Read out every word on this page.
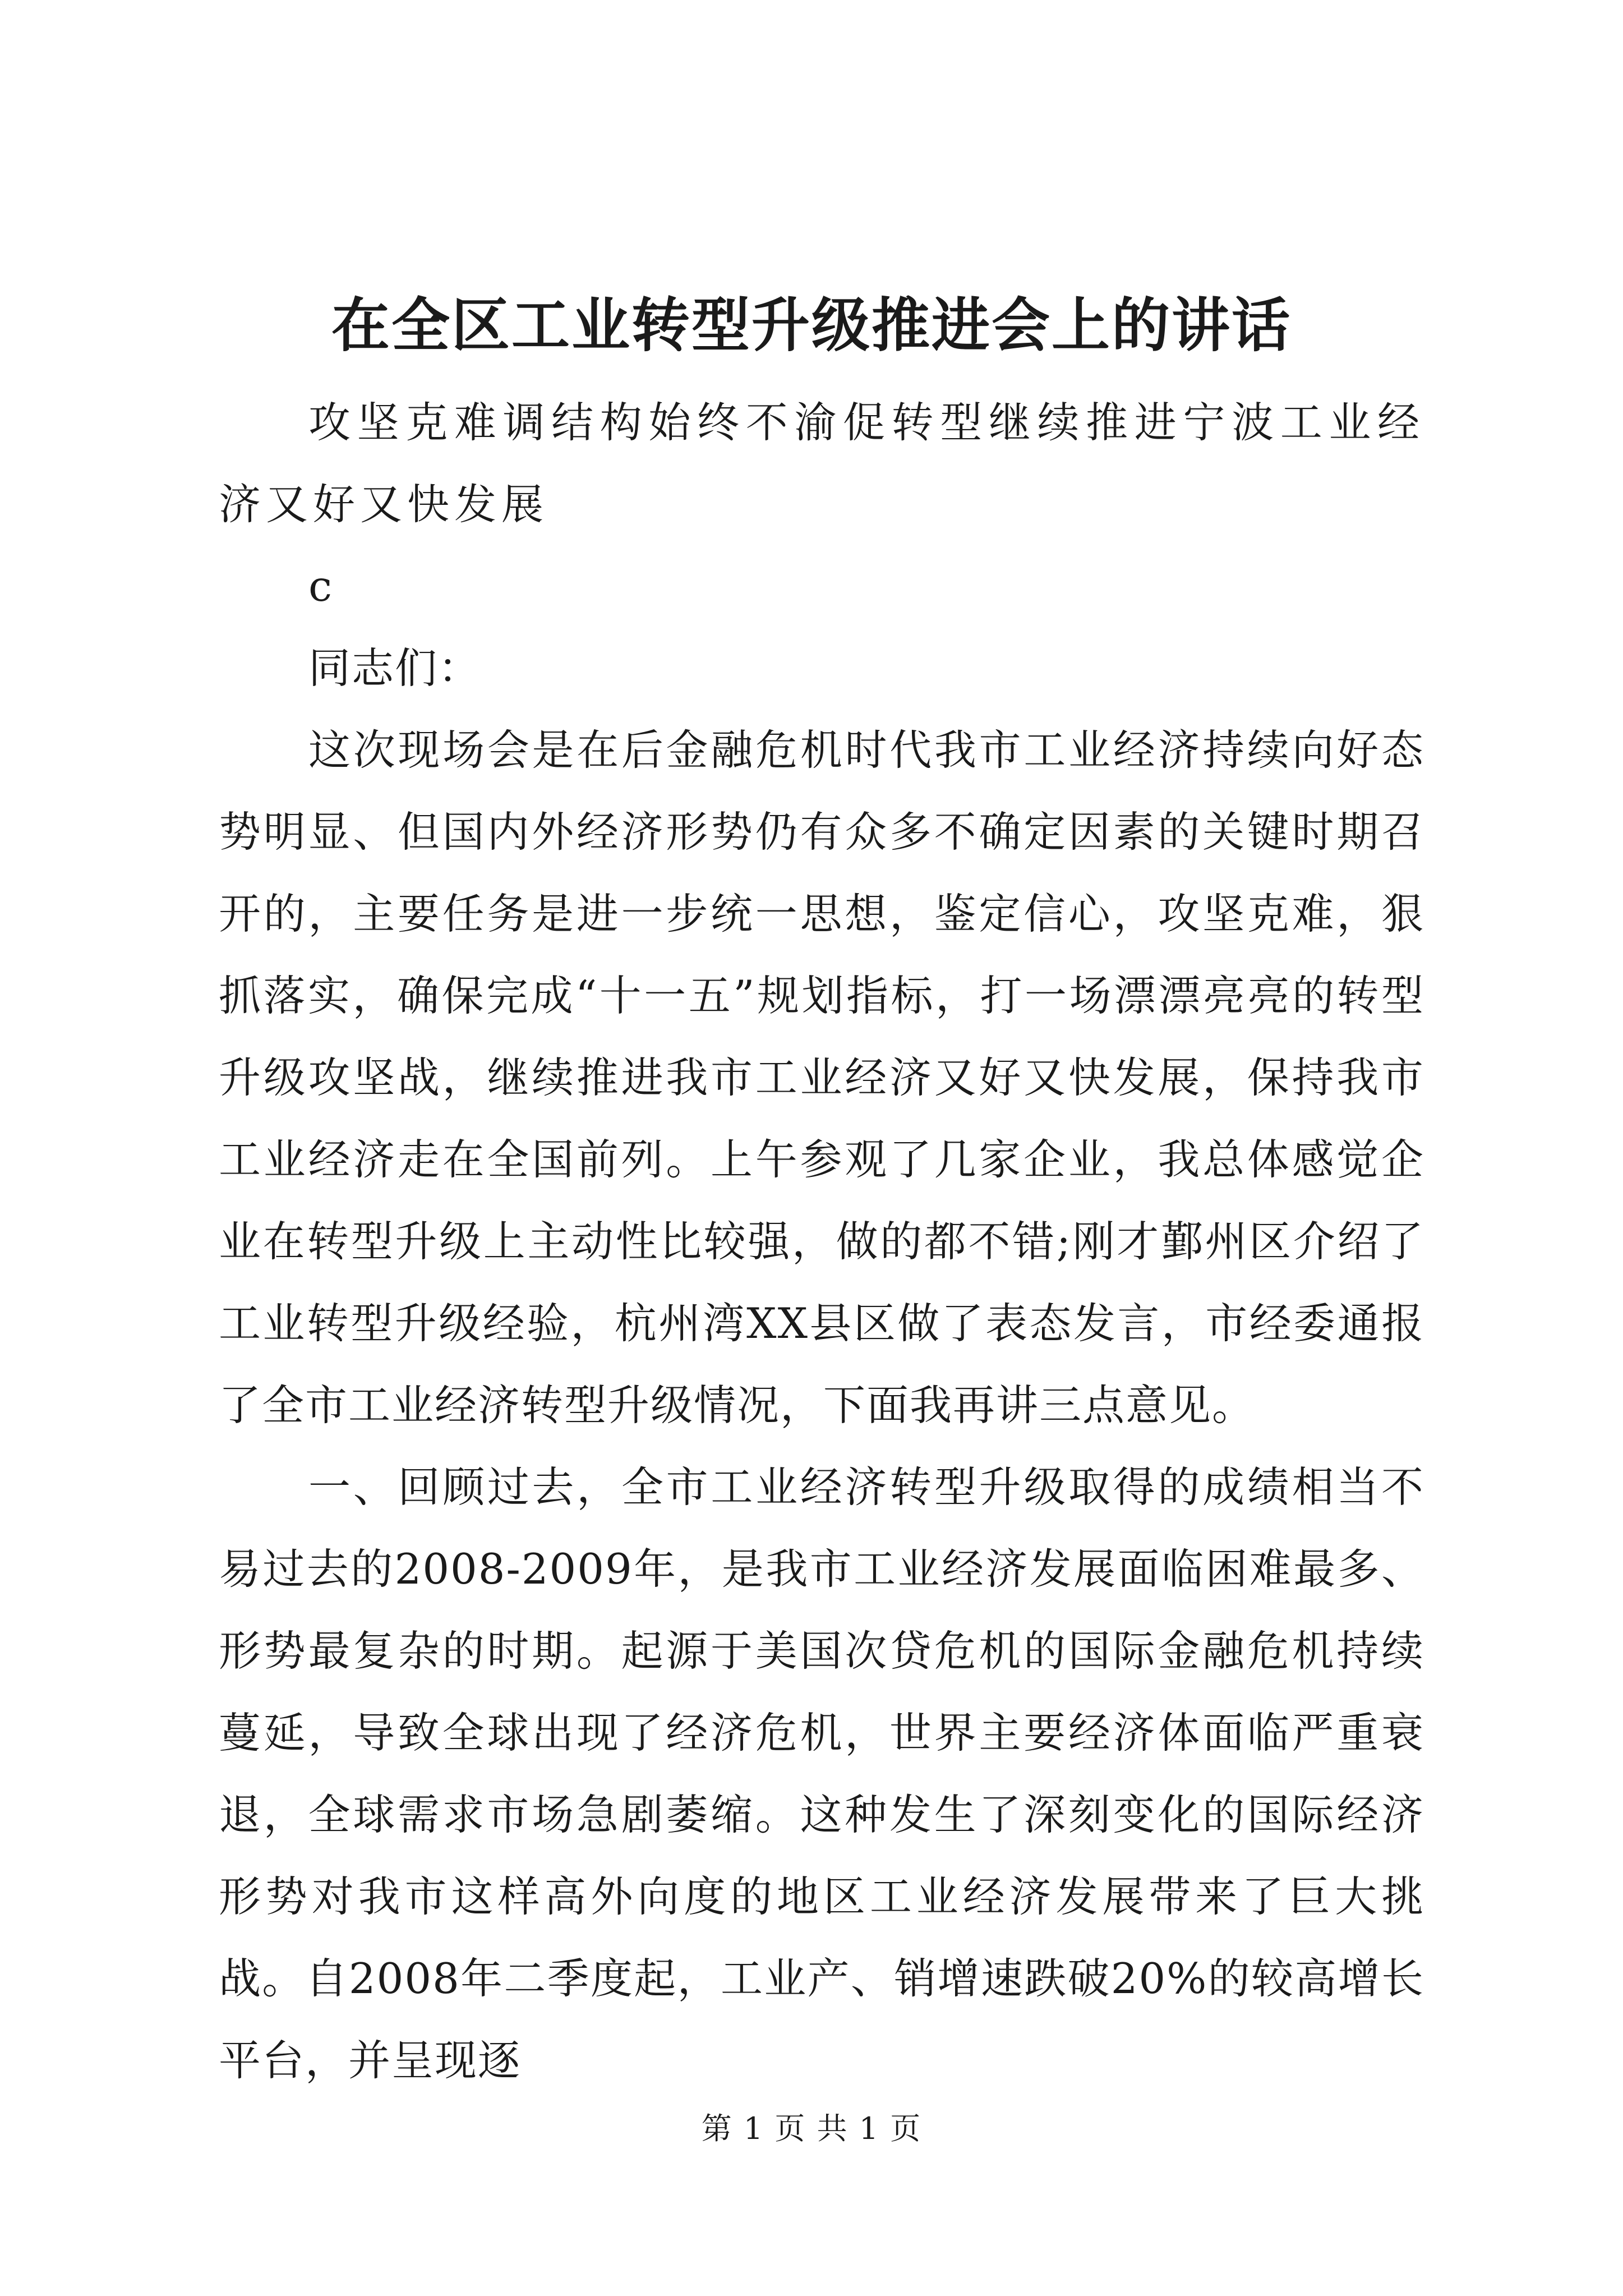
在全区工业转型升级推进会上的讲话

攻坚克难调结构始终不渝促转型继续推进宁波工业经济又好又快发展

c

同志们：

这次现场会是在后金融危机时代我市工业经济持续向好态势明显、但国内外经济形势仍有众多不确定因素的关键时期召开的，主要任务是进一步统一思想，鉴定信心，攻坚克难，狠抓落实，确保完成“十一五”规划指标，打一场漂漂亮亮的转型升级攻坚战，继续推进我市工业经济又好又快发展，保持我市工业经济走在全国前列。上午参观了几家企业，我总体感觉企业在转型升级上主动性比较强，做的都不错;刚才鄞州区介绍了工业转型升级经验，杭州湾XX县区做了表态发言，市经委通报了全市工业经济转型升级情况，下面我再讲三点意见。

一、回顾过去，全市工业经济转型升级取得的成绩相当不易过去的2008-2009年，是我市工业经济发展面临困难最多、形势最复杂的时期。起源于美国次贷危机的国际金融危机持续蔓延，导致全球出现了经济危机，世界主要经济体面临严重衰退，全球需求市场急剧萎缩。这种发生了深刻变化的国际经济形势对我市这样高外向度的地区工业经济发展带来了巨大挑战。自2008年二季度起，工业产、销增速跌破20%的较高增长平台，并呈现逐

第 1 页 共 1 页
